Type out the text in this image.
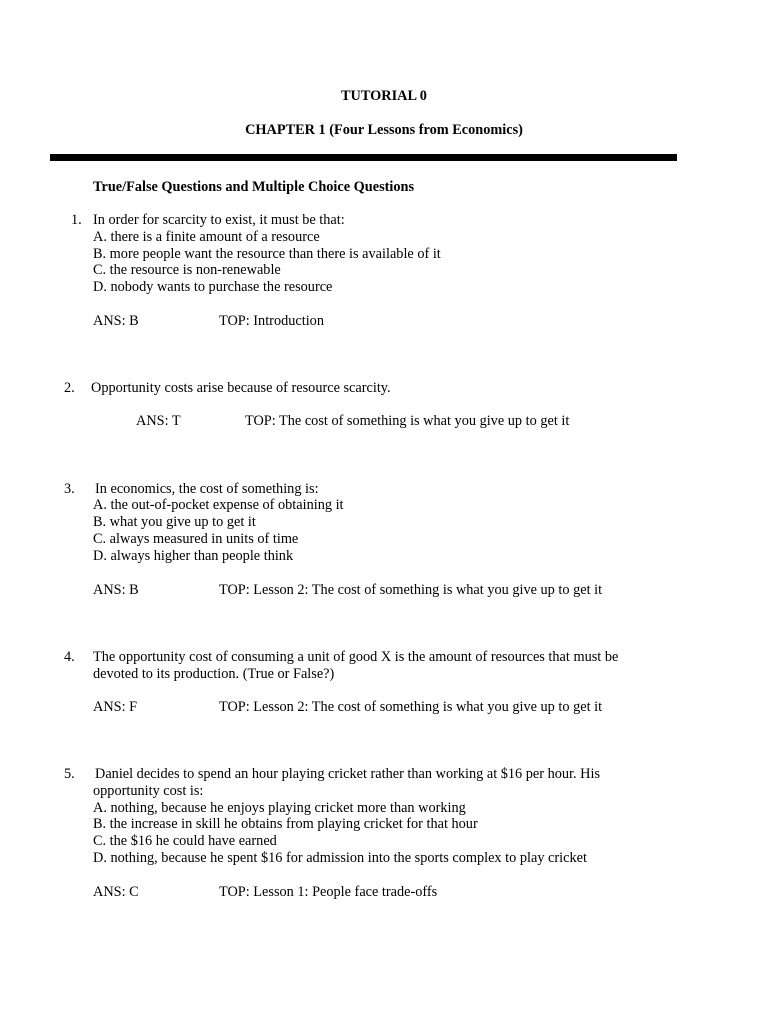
TUTORIAL 0
CHAPTER 1 (Four Lessons from Economics)
True/False Questions and Multiple Choice Questions
1. In order for scarcity to exist, it must be that:
A. there is a finite amount of a resource
B. more people want the resource than there is available of it
C. the resource is non-renewable
D. nobody wants to purchase the resource
ANS: B	TOP: Introduction
2. Opportunity costs arise because of resource scarcity.
ANS: T	TOP: The cost of something is what you give up to get it
3. In economics, the cost of something is:
A. the out-of-pocket expense of obtaining it
B. what you give up to get it
C. always measured in units of time
D. always higher than people think
ANS: B	TOP: Lesson 2: The cost of something is what you give up to get it
4. The opportunity cost of consuming a unit of good X is the amount of resources that must be
devoted to its production. (True or False?)
ANS: F	TOP: Lesson 2: The cost of something is what you give up to get it
5. Daniel decides to spend an hour playing cricket rather than working at $16 per hour. His
opportunity cost is:
A. nothing, because he enjoys playing cricket more than working
B. the increase in skill he obtains from playing cricket for that hour
C. the $16 he could have earned
D. nothing, because he spent $16 for admission into the sports complex to play cricket
ANS: C	TOP: Lesson 1: People face trade-offs
